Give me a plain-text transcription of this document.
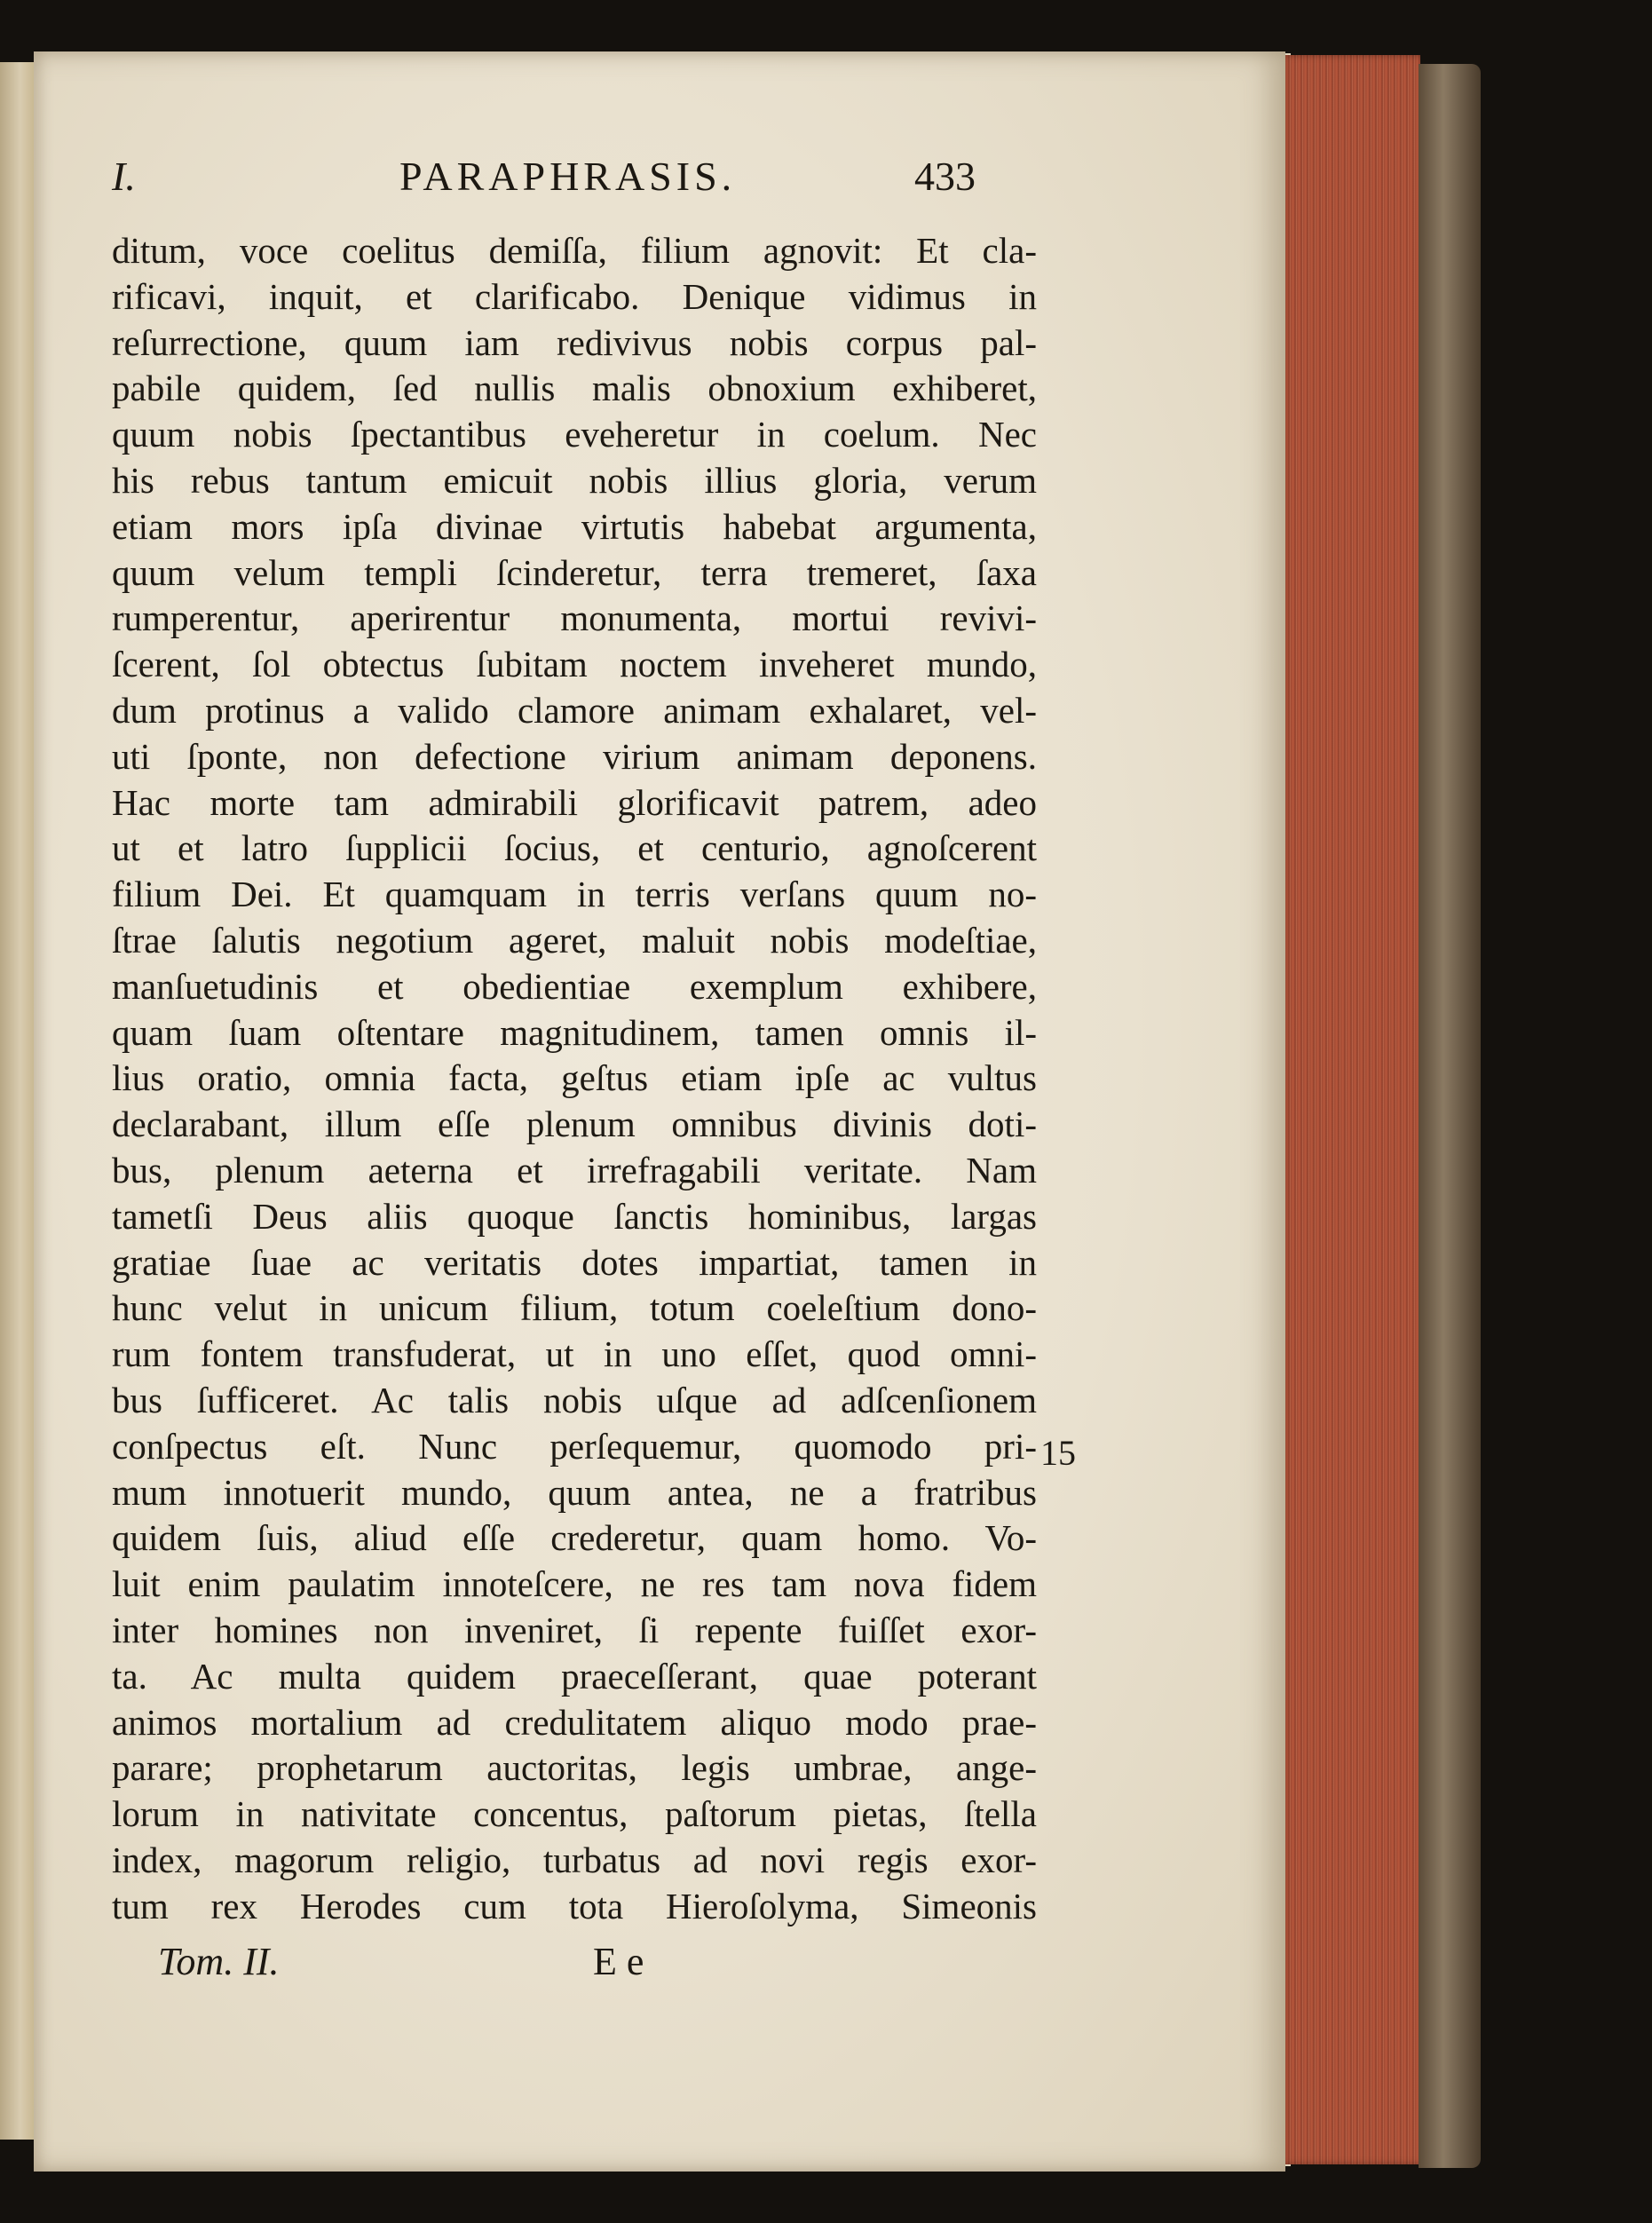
I.	PARAPHRASIS.	433
ditum, voce coelitus demiſſa, filium agnovit: Et cla-
rificavi, inquit, et clarificabo. Denique vidimus in
reſurrectione, quum iam redivivus nobis corpus pal-
pabile quidem, ſed nullis malis obnoxium exhiberet,
quum nobis ſpectantibus eveheretur in coelum. Nec
his rebus tantum emicuit nobis illius gloria, verum
etiam mors ipſa divinae virtutis habebat argumenta,
quum velum templi ſcinderetur, terra tremeret, ſaxa
rumperentur, aperirentur monumenta, mortui revivi-
ſcerent, ſol obtectus ſubitam noctem inveheret mundo,
dum protinus a valido clamore animam exhalaret, vel-
uti ſponte, non defectione virium animam deponens.
Hac morte tam admirabili glorificavit patrem, adeo
ut et latro ſupplicii ſocius, et centurio, agnoſcerent
filium Dei. Et quamquam in terris verſans quum no-
ſtrae ſalutis negotium ageret, maluit nobis modeſtiae,
manſuetudinis et obedientiae exemplum exhibere,
quam ſuam oſtentare magnitudinem, tamen omnis il-
lius oratio, omnia facta, geſtus etiam ipſe ac vultus
declarabant, illum eſſe plenum omnibus divinis doti-
bus, plenum aeterna et irrefragabili veritate. Nam
tametſi Deus aliis quoque ſanctis hominibus, largas
gratiae ſuae ac veritatis dotes impartiat, tamen in
hunc velut in unicum filium, totum coeleſtium dono-
rum fontem transfuderat, ut in uno eſſet, quod omni-
bus ſufficeret. Ac talis nobis uſque ad adſcenſionem
conſpectus eſt. Nunc perſequemur, quomodo pri-
mum innotuerit mundo, quum antea, ne a fratribus
quidem ſuis, aliud eſſe crederetur, quam homo. Vo-
luit enim paulatim innoteſcere, ne res tam nova fidem
inter homines non inveniret, ſi repente fuiſſet exor-
ta. Ac multa quidem praeceſſerant, quae poterant
animos mortalium ad credulitatem aliquo modo prae-
parare; prophetarum auctoritas, legis umbrae, ange-
lorum in nativitate concentus, paſtorum pietas, ſtella
index, magorum religio, turbatus ad novi regis exor-
tum rex Herodes cum tota Hieroſolyma, Simeonis
15
Tom. II.	E e
